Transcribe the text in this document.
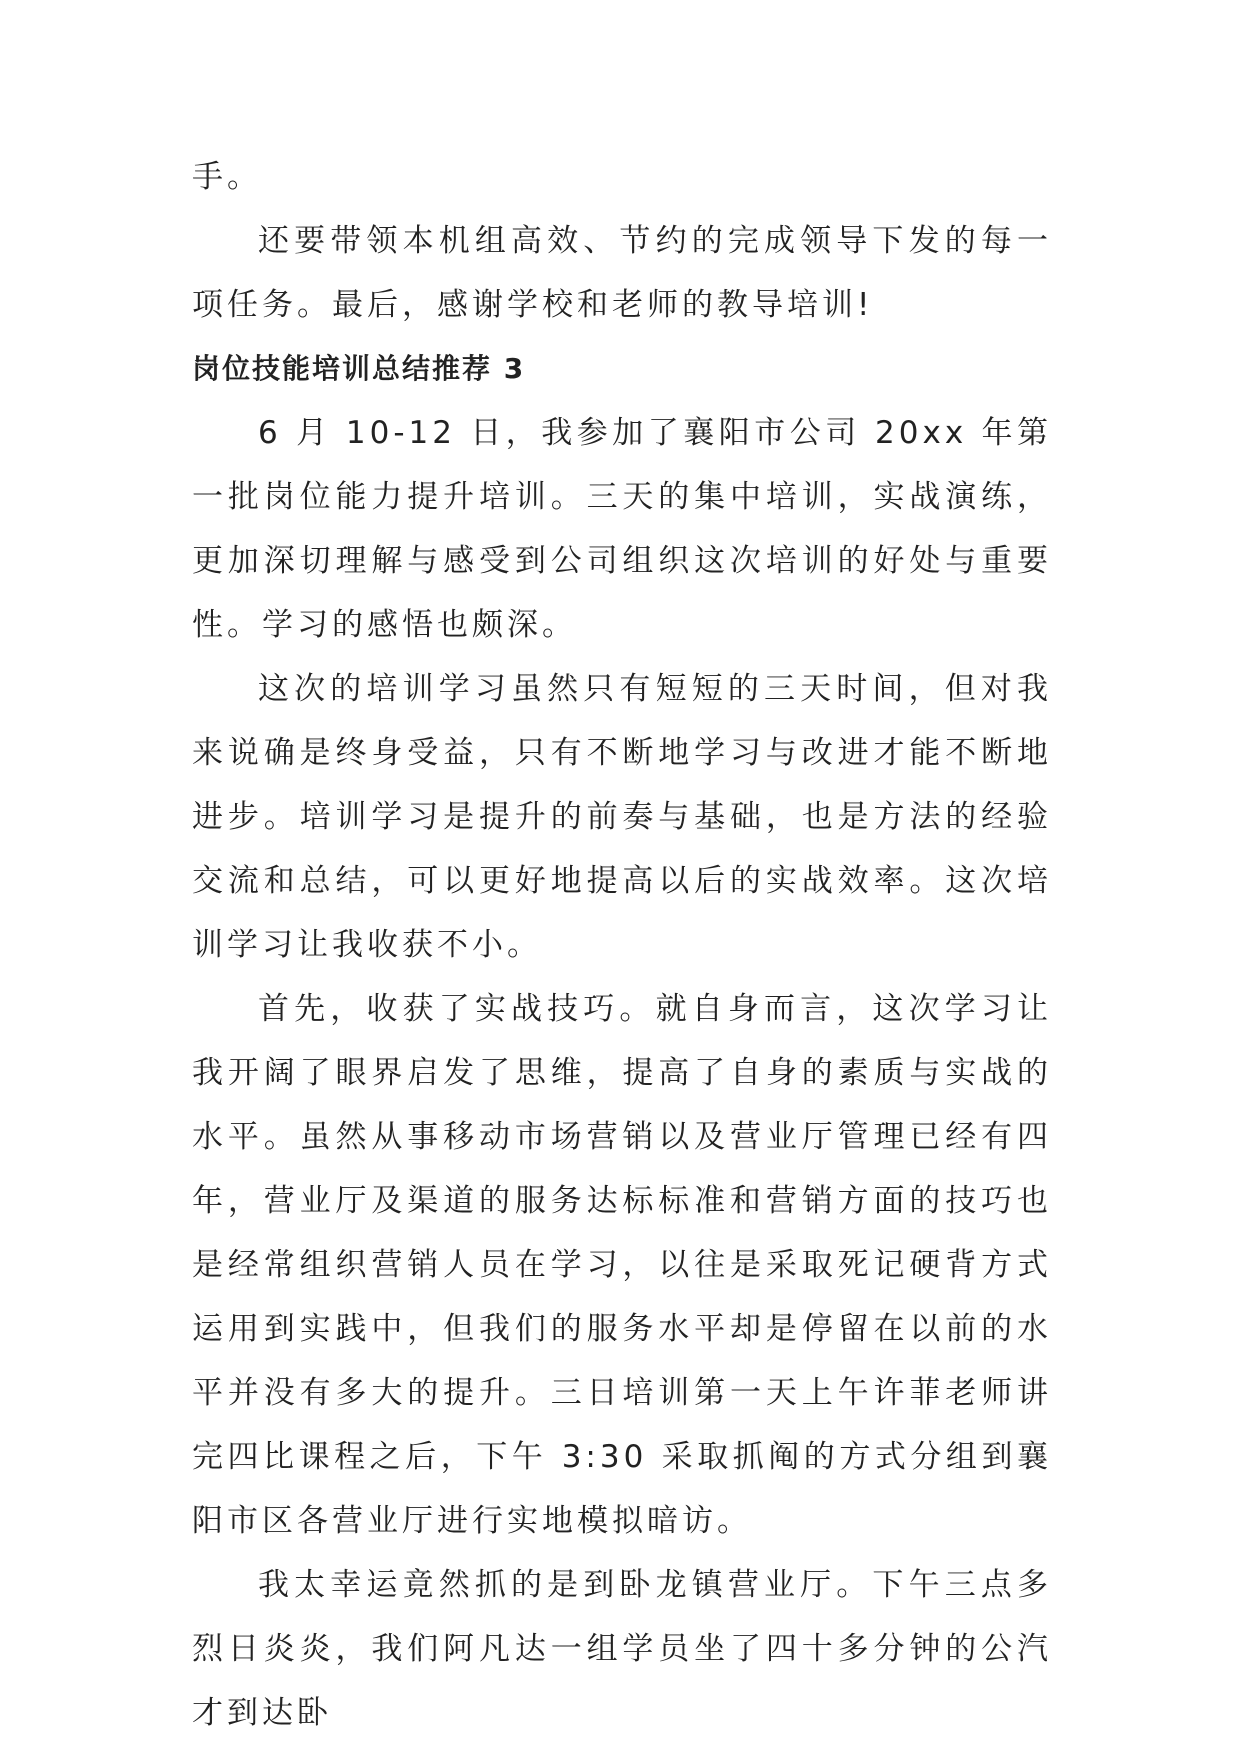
手。

还要带领本机组高效、节约的完成领导下发的每一项任务。最后，感谢学校和老师的教导培训!

岗位技能培训总结推荐 3

6 月 10-12 日，我参加了襄阳市公司 20xx 年第一批岗位能力提升培训。三天的集中培训，实战演练，更加深切理解与感受到公司组织这次培训的好处与重要性。学习的感悟也颇深。

这次的培训学习虽然只有短短的三天时间，但对我来说确是终身受益，只有不断地学习与改进才能不断地进步。培训学习是提升的前奏与基础，也是方法的经验交流和总结，可以更好地提高以后的实战效率。这次培训学习让我收获不小。

首先，收获了实战技巧。就自身而言，这次学习让我开阔了眼界启发了思维，提高了自身的素质与实战的水平。虽然从事移动市场营销以及营业厅管理已经有四年，营业厅及渠道的服务达标标准和营销方面的技巧也是经常组织营销人员在学习，以往是采取死记硬背方式运用到实践中，但我们的服务水平却是停留在以前的水平并没有多大的提升。三日培训第一天上午许菲老师讲完四比课程之后，下午 3:30 采取抓阄的方式分组到襄阳市区各营业厅进行实地模拟暗访。

我太幸运竟然抓的是到卧龙镇营业厅。下午三点多烈日炎炎，我们阿凡达一组学员坐了四十多分钟的公汽才到达卧
